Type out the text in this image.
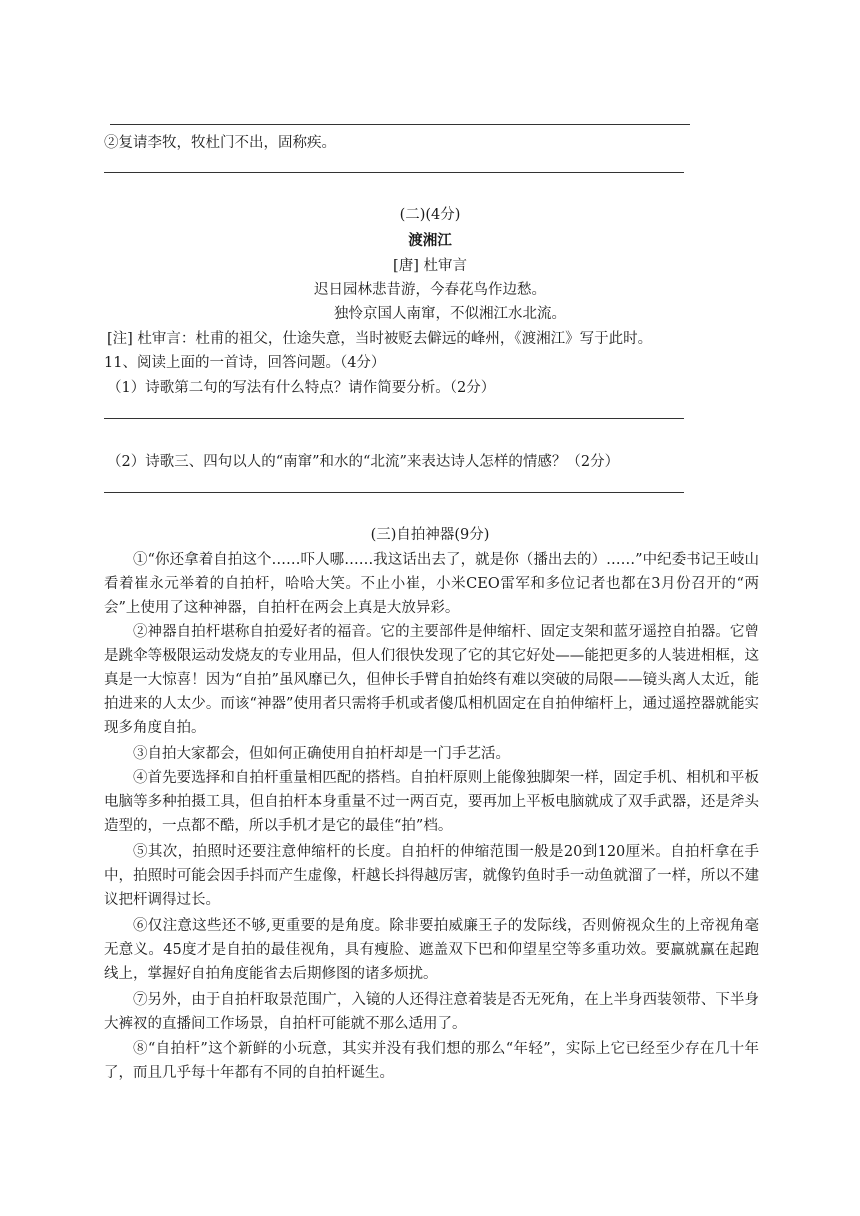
②复请李牧，牧杜门不出，固称疾。
(二)(4分)
渡湘江
[唐] 杜审言
迟日园林悲昔游，今春花鸟作边愁。
独怜京国人南窜，不似湘江水北流。
[注] 杜审言：杜甫的祖父，仕途失意，当时被贬去僻远的峰州，《渡湘江》写于此时。
11、阅读上面的一首诗，回答问题。（4分）
（1）诗歌第二句的写法有什么特点？请作简要分析。（2分）
（2）诗歌三、四句以人的“南窜”和水的“北流”来表达诗人怎样的情感？（2分）
(三)自拍神器(9分)
①“你还拿着自拍这个……吓人哪……我这话出去了，就是你（播出去的）……”中纪委书记王岐山看着崔永元举着的自拍杆，哈哈大笑。不止小崔，小米CEO雷军和多位记者也都在3月份召开的“两会”上使用了这种神器，自拍杆在两会上真是大放异彩。
②神器自拍杆堪称自拍爱好者的福音。它的主要部件是伸缩杆、固定支架和蓝牙遥控自拍器。它曾是跳伞等极限运动发烧友的专业用品，但人们很快发现了它的其它好处——能把更多的人装进相框，这真是一大惊喜！因为“自拍”虽风靡已久，但伸长手臂自拍始终有难以突破的局限——镜头离人太近，能拍进来的人太少。而该“神器”使用者只需将手机或者傻瓜相机固定在自拍伸缩杆上，通过遥控器就能实现多角度自拍。
③自拍大家都会，但如何正确使用自拍杆却是一门手艺活。
④首先要选择和自拍杆重量相匹配的搭档。自拍杆原则上能像独脚架一样，固定手机、相机和平板电脑等多种拍摄工具，但自拍杆本身重量不过一两百克，要再加上平板电脑就成了双手武器，还是斧头造型的，一点都不酷，所以手机才是它的最佳“拍”档。
⑤其次，拍照时还要注意伸缩杆的长度。自拍杆的伸缩范围一般是20到120厘米。自拍杆拿在手中，拍照时可能会因手抖而产生虚像，杆越长抖得越厉害，就像钓鱼时手一动鱼就溜了一样，所以不建议把杆调得过长。
⑥仅注意这些还不够,更重要的是角度。除非要拍威廉王子的发际线，否则俯视众生的上帝视角毫无意义。45度才是自拍的最佳视角，具有瘦脸、遮盖双下巴和仰望星空等多重功效。要赢就赢在起跑线上，掌握好自拍角度能省去后期修图的诸多烦扰。
⑦另外，由于自拍杆取景范围广，入镜的人还得注意着装是否无死角，在上半身西装领带、下半身大裤衩的直播间工作场景，自拍杆可能就不那么适用了。
⑧“自拍杆”这个新鲜的小玩意，其实并没有我们想的那么“年轻”，实际上它已经至少存在几十年了，而且几乎每十年都有不同的自拍杆诞生。
